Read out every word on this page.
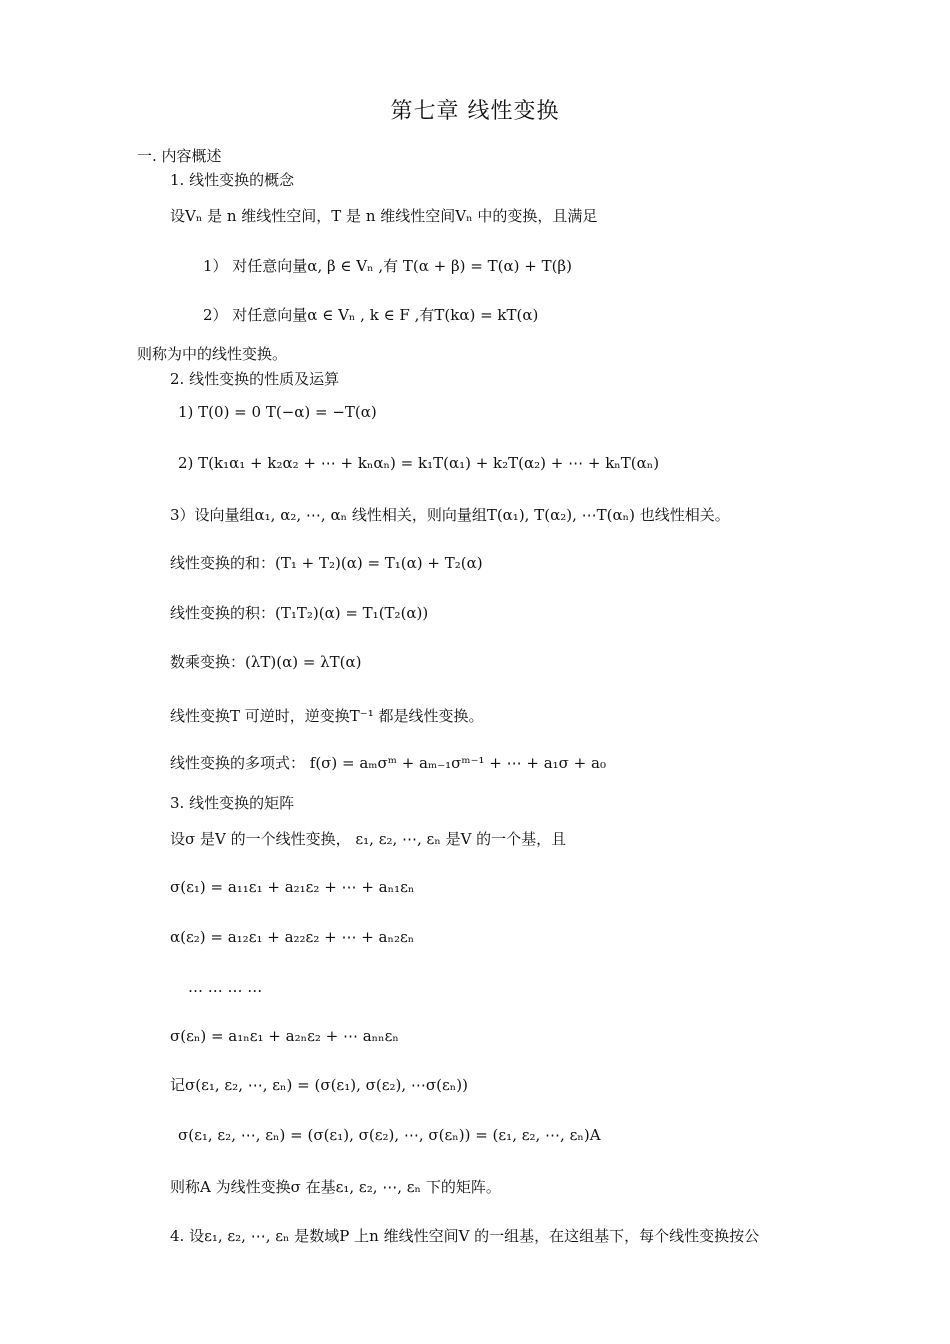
第七章 线性变换
一. 内容概述
1. 线性变换的概念
设Vₙ 是 n 维线性空间，T 是 n 维线性空间Vₙ 中的变换，且满足
1） 对任意向量α, β ∈ Vₙ ,有 T(α + β) = T(α) + T(β)
2） 对任意向量α ∈ Vₙ , k ∈ F ,有T(kα) = kT(α)
则称为中的线性变换。
2. 线性变换的性质及运算
1) T(0) = 0 T(−α) = −T(α)
2) T(k₁α₁ + k₂α₂ + ⋯ + kₙαₙ) = k₁T(α₁) + k₂T(α₂) + ⋯ + kₙT(αₙ)
3）设向量组α₁, α₂, ⋯, αₙ 线性相关，则向量组T(α₁), T(α₂), ⋯T(αₙ) 也线性相关。
线性变换的和：(T₁ + T₂)(α) = T₁(α) + T₂(α)
线性变换的积：(T₁T₂)(α) = T₁(T₂(α))
数乘变换：(λT)(α) = λT(α)
线性变换T 可逆时，逆变换T⁻¹ 都是线性变换。
线性变换的多项式： f(σ) = aₘσᵐ + aₘ₋₁σᵐ⁻¹ + ⋯ + a₁σ + a₀
3. 线性变换的矩阵
设σ 是V 的一个线性变换， ε₁, ε₂, ⋯, εₙ 是V 的一个基，且
σ(ε₁) = a₁₁ε₁ + a₂₁ε₂ + ⋯ + aₙ₁εₙ
α(ε₂) = a₁₂ε₁ + a₂₂ε₂ + ⋯ + aₙ₂εₙ
… … … …
σ(εₙ) = a₁ₙε₁ + a₂ₙε₂ + ⋯ aₙₙεₙ
记σ(ε₁, ε₂, ⋯, εₙ) = (σ(ε₁), σ(ε₂), ⋯σ(εₙ))
σ(ε₁, ε₂, ⋯, εₙ) = (σ(ε₁), σ(ε₂), ⋯, σ(εₙ)) = (ε₁, ε₂, ⋯, εₙ)A
则称A 为线性变换σ 在基ε₁, ε₂, ⋯, εₙ 下的矩阵。
4. 设ε₁, ε₂, ⋯, εₙ 是数域P 上n 维线性空间V 的一组基，在这组基下，每个线性变换按公
